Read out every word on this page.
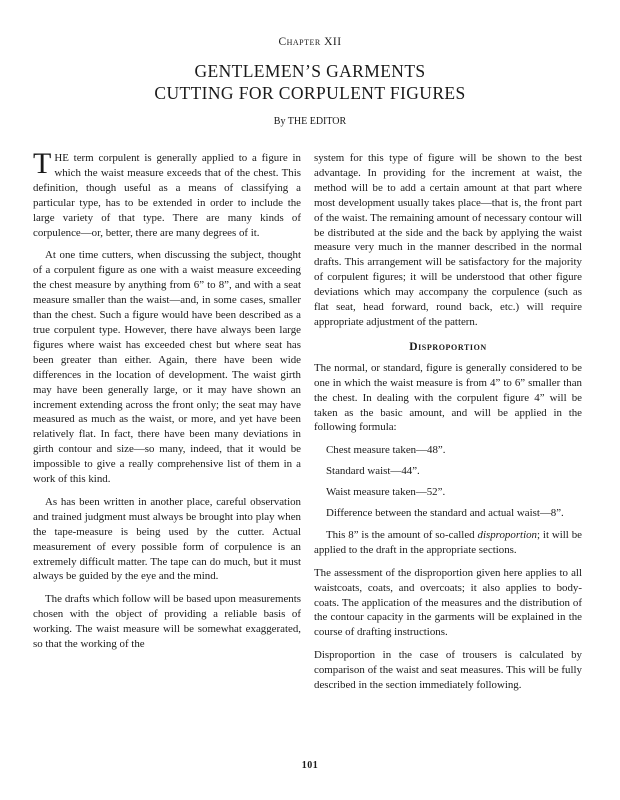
Chapter XII
GENTLEMEN’S GARMENTS
CUTTING FOR CORPULENT FIGURES
By THE EDITOR

THE term corpulent is generally applied to a figure in which the waist measure exceeds that of the chest. This definition, though useful as a means of classifying a particular type, has to be extended in order to include the large variety of that type. There are many kinds of corpulence—or, better, there are many degrees of it.

At one time cutters, when discussing the subject, thought of a corpulent figure as one with a waist measure exceeding the chest measure by anything from 6” to 8”, and with a seat measure smaller than the waist—and, in some cases, smaller than the chest. Such a figure would have been described as a true corpulent type. However, there have always been large figures where waist has exceeded chest but where seat has been greater than either. Again, there have been wide differences in the location of development. The waist girth may have been generally large, or it may have shown an increment extending across the front only; the seat may have measured as much as the waist, or more, and yet have been relatively flat. In fact, there have been many deviations in girth contour and size—so many, indeed, that it would be impossible to give a really comprehensive list of them in a work of this kind.

As has been written in another place, careful observation and trained judgment must always be brought into play when the tape-measure is being used by the cutter. Actual measurement of every possible form of corpulence is an extremely difficult matter. The tape can do much, but it must always be guided by the eye and the mind.

The drafts which follow will be based upon measurements chosen with the object of providing a reliable basis of working. The waist measure will be somewhat exaggerated, so that the working of the

system for this type of figure will be shown to the best advantage. In providing for the increment at waist, the method will be to add a certain amount at that part where most development usually takes place—that is, the front part of the waist. The remaining amount of necessary contour will be distributed at the side and the back by applying the waist measure very much in the manner described in the normal drafts. This arrangement will be satisfactory for the majority of corpulent figures; it will be understood that other figure deviations which may accompany the corpulence (such as flat seat, head forward, round back, etc.) will require appropriate adjustment of the pattern.

Disproportion

The normal, or standard, figure is generally considered to be one in which the waist measure is from 4” to 6” smaller than the chest. In dealing with the corpulent figure 4” will be taken as the basic amount, and will be applied in the following formula:

Chest measure taken—48”.
Standard waist—44”.
Waist measure taken—52”.
Difference between the standard and actual waist—8”.

This 8” is the amount of so-called disproportion; it will be applied to the draft in the appropriate sections.

The assessment of the disproportion given here applies to all waistcoats, coats, and overcoats; it also applies to body-coats. The application of the measures and the distribution of the contour capacity in the garments will be explained in the course of drafting instructions.

Disproportion in the case of trousers is calculated by comparison of the waist and seat measures. This will be fully described in the section immediately following.

101
